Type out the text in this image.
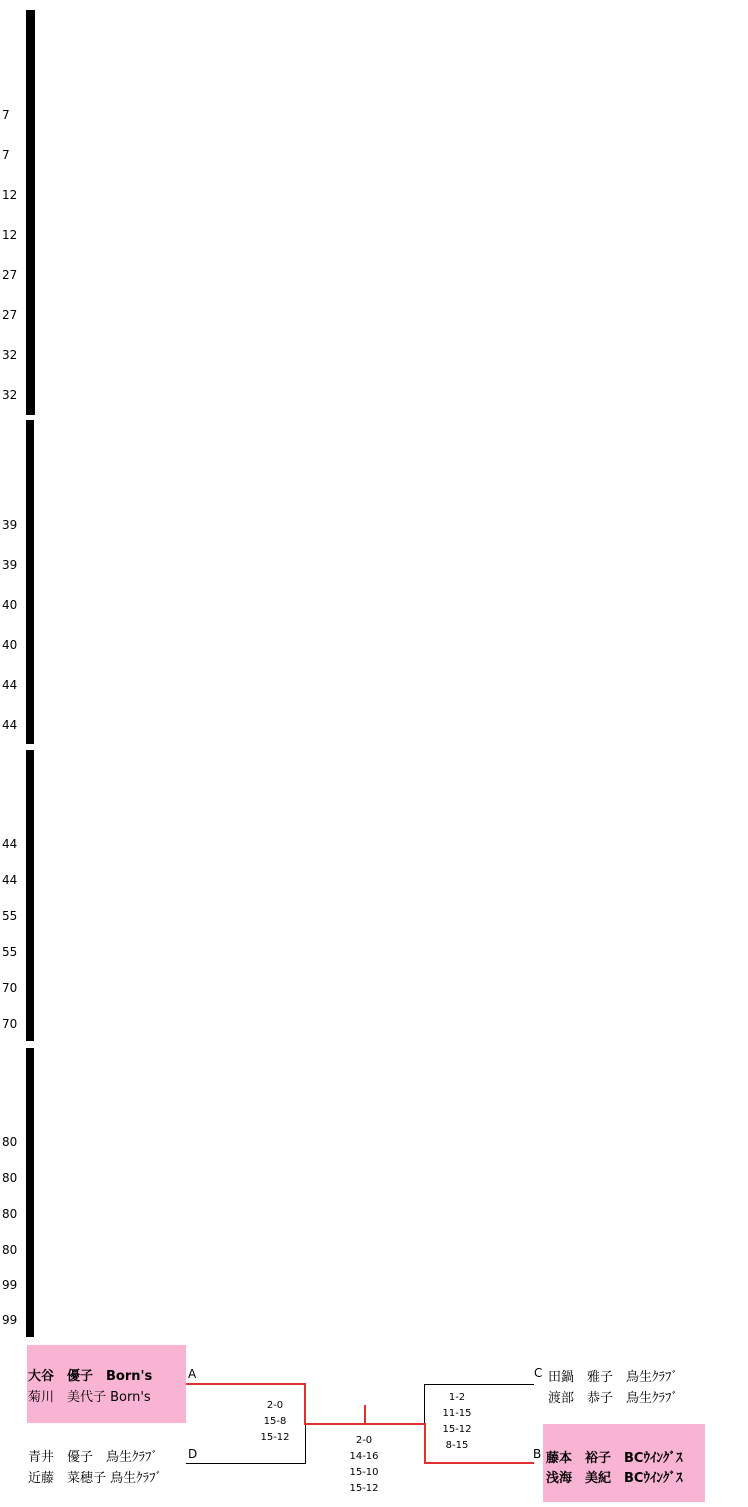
7
7
12
12
27
27
32
32

39
39
40
40
44
44

44
44
55
55
70
70

80
80
80
80
99
99

大谷　優子　Born's
菊川　美代子 Born's
A
青井　優子　鳥生ｸﾗﾌﾞ
近藤　菜穂子 鳥生ｸﾗﾌﾞ
D
C 田鍋　雅子　鳥生ｸﾗﾌﾞ
渡部　恭子　鳥生ｸﾗﾌﾞ
B 藤本　裕子　BCｳｲﾝｸﾞｽ
浅海　美紀　BCｳｲﾝｸﾞｽ
2-0
15-8
15-12	2-0
14-16
15-10
15-12
1-2
11-15
15-12
8-15
